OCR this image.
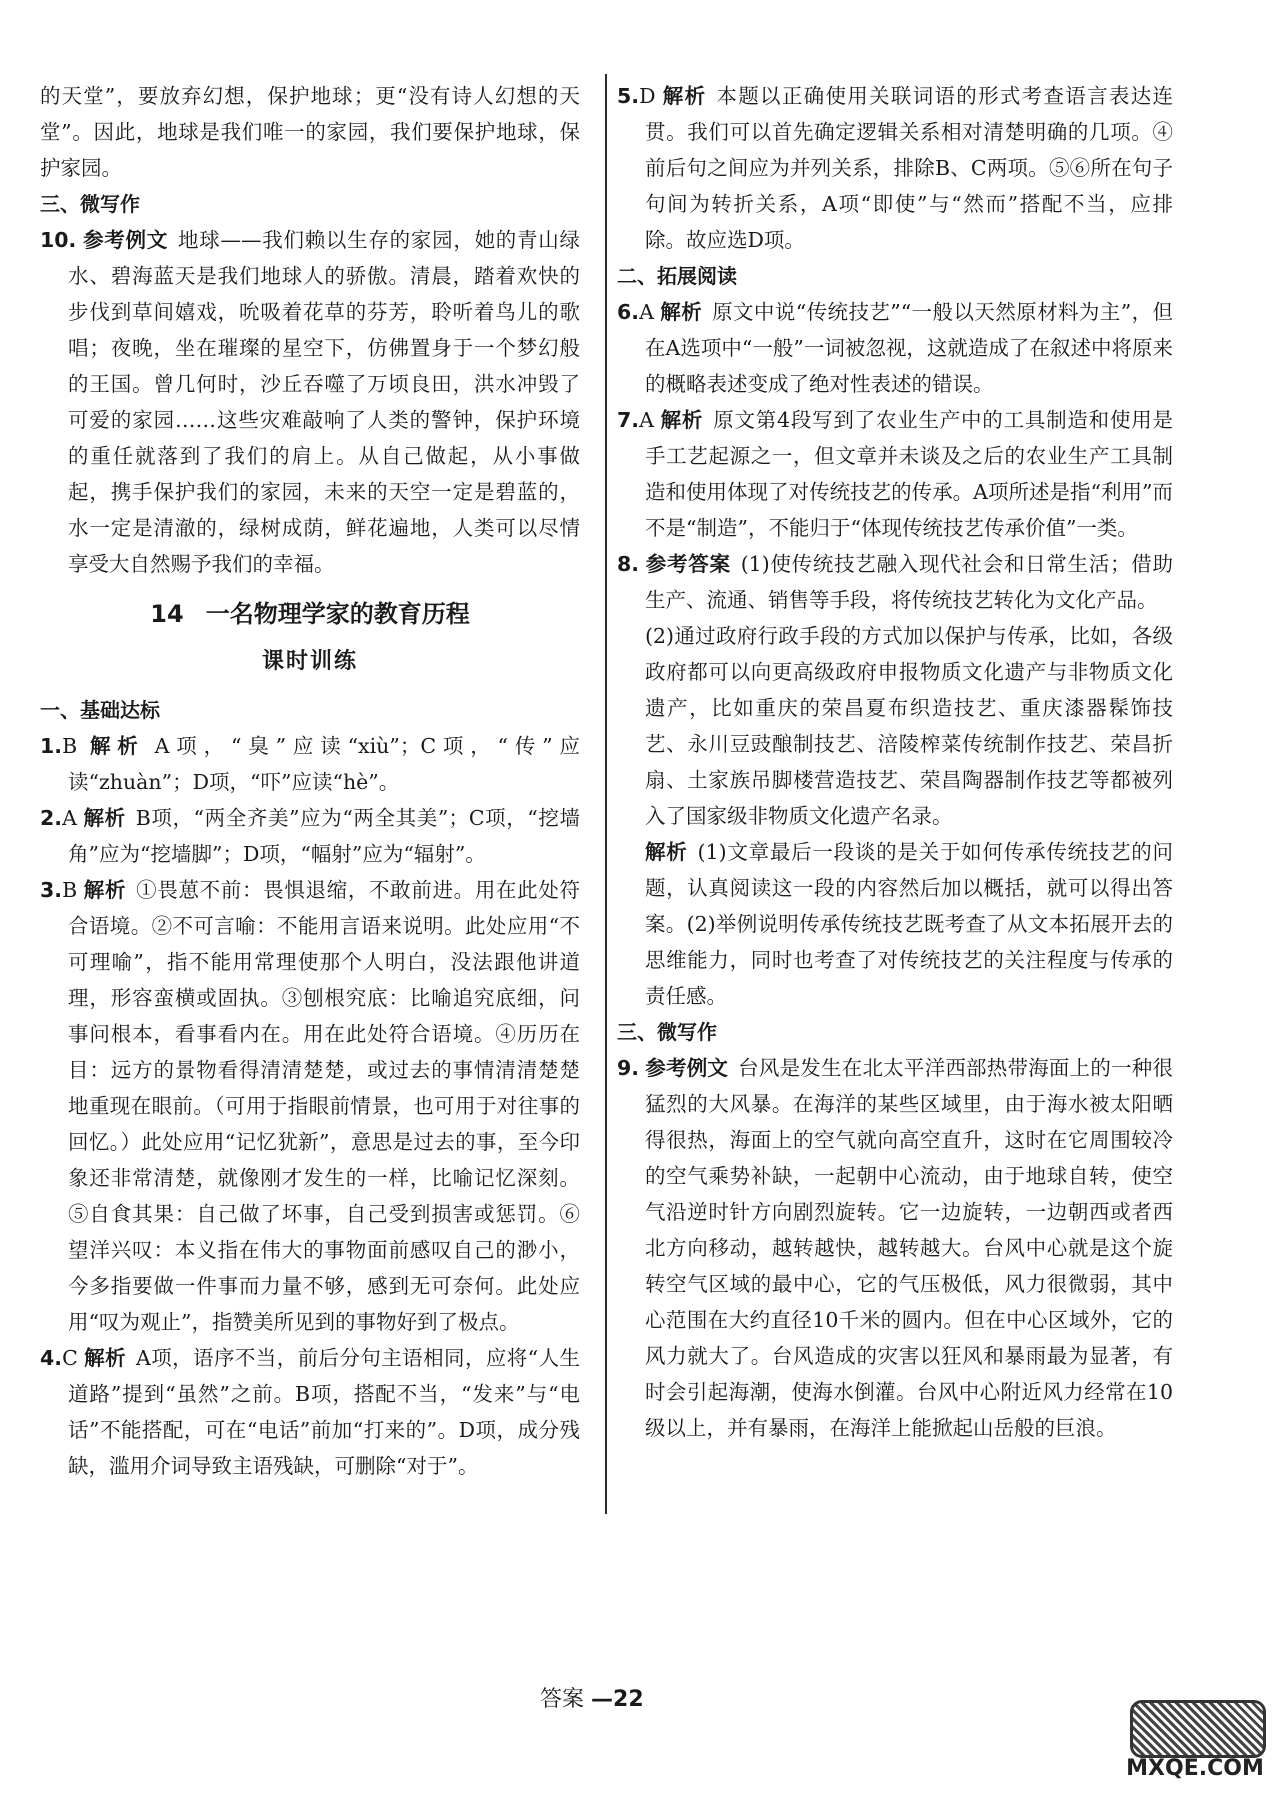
的天堂”，要放弃幻想，保护地球；更“没有诗人幻想的天堂”。因此，地球是我们唯一的家园，我们要保护地球，保护家园。

三、微写作

10. 参考例文 地球——我们赖以生存的家园，她的青山绿水、碧海蓝天是我们地球人的骄傲。清晨，踏着欢快的步伐到草间嬉戏，吮吸着花草的芬芳，聆听着鸟儿的歌唱；夜晚，坐在璀璨的星空下，仿佛置身于一个梦幻般的王国。曾几何时，沙丘吞噬了万顷良田，洪水冲毁了可爱的家园……这些灾难敲响了人类的警钟，保护环境的重任就落到了我们的肩上。从自己做起，从小事做起，携手保护我们的家园，未来的天空一定是碧蓝的，水一定是清澈的，绿树成荫，鲜花遍地，人类可以尽情享受大自然赐予我们的幸福。

14 一名物理学家的教育历程

课时训练

一、基础达标

1.B 解析 A项，“臭”应读“xiù”；C项，“传”应读“zhuàn”；D项，“吓”应读“hè”。

2.A 解析 B项，“两全齐美”应为“两全其美”；C项，“挖墙角”应为“挖墙脚”；D项，“幅射”应为“辐射”。

3.B 解析 ①畏葸不前：畏惧退缩，不敢前进。用在此处符合语境。②不可言喻：不能用言语来说明。此处应用“不可理喻”，指不能用常理使那个人明白，没法跟他讲道理，形容蛮横或固执。③刨根究底：比喻追究底细，问事问根本，看事看内在。用在此处符合语境。④历历在目：远方的景物看得清清楚楚，或过去的事情清清楚楚地重现在眼前。（可用于指眼前情景，也可用于对往事的回忆。）此处应用“记忆犹新”，意思是过去的事，至今印象还非常清楚，就像刚才发生的一样，比喻记忆深刻。⑤自食其果：自己做了坏事，自己受到损害或惩罚。⑥望洋兴叹：本义指在伟大的事物面前感叹自己的渺小，今多指要做一件事而力量不够，感到无可奈何。此处应用“叹为观止”，指赞美所见到的事物好到了极点。

4.C 解析 A项，语序不当，前后分句主语相同，应将“人生道路”提到“虽然”之前。B项，搭配不当，“发来”与“电话”不能搭配，可在“电话”前加“打来的”。D项，成分残缺，滥用介词导致主语残缺，可删除“对于”。

5.D 解析 本题以正确使用关联词语的形式考查语言表达连贯。我们可以首先确定逻辑关系相对清楚明确的几项。④前后句之间应为并列关系，排除B、C两项。⑤⑥所在句子句间为转折关系，A项“即使”与“然而”搭配不当，应排除。故应选D项。

二、拓展阅读

6.A 解析 原文中说“传统技艺”“一般以天然原材料为主”，但在A选项中“一般”一词被忽视，这就造成了在叙述中将原来的概略表述变成了绝对性表述的错误。

7.A 解析 原文第4段写到了农业生产中的工具制造和使用是手工艺起源之一，但文章并未谈及之后的农业生产工具制造和使用体现了对传统技艺的传承。A项所述是指“利用”而不是“制造”，不能归于“体现传统技艺传承价值”一类。

8. 参考答案 (1)使传统技艺融入现代社会和日常生活；借助生产、流通、销售等手段，将传统技艺转化为文化产品。

(2)通过政府行政手段的方式加以保护与传承，比如，各级政府都可以向更高级政府申报物质文化遗产与非物质文化遗产，比如重庆的荣昌夏布织造技艺、重庆漆器髹饰技艺、永川豆豉酿制技艺、涪陵榨菜传统制作技艺、荣昌折扇、土家族吊脚楼营造技艺、荣昌陶器制作技艺等都被列入了国家级非物质文化遗产名录。

解析 (1)文章最后一段谈的是关于如何传承传统技艺的问题，认真阅读这一段的内容然后加以概括，就可以得出答案。(2)举例说明传承传统技艺既考查了从文本拓展开去的思维能力，同时也考查了对传统技艺的关注程度与传承的责任感。

三、微写作

9. 参考例文 台风是发生在北太平洋西部热带海面上的一种很猛烈的大风暴。在海洋的某些区域里，由于海水被太阳晒得很热，海面上的空气就向高空直升，这时在它周围较冷的空气乘势补缺，一起朝中心流动，由于地球自转，使空气沿逆时针方向剧烈旋转。它一边旋转，一边朝西或者西北方向移动，越转越快，越转越大。台风中心就是这个旋转空气区域的最中心，它的气压极低，风力很微弱，其中心范围在大约直径10千米的圆内。但在中心区域外，它的风力就大了。台风造成的灾害以狂风和暴雨最为显著，有时会引起海潮，使海水倒灌。台风中心附近风力经常在10级以上，并有暴雨，在海洋上能掀起山岳般的巨浪。

答案 —22
MXQE.COM
